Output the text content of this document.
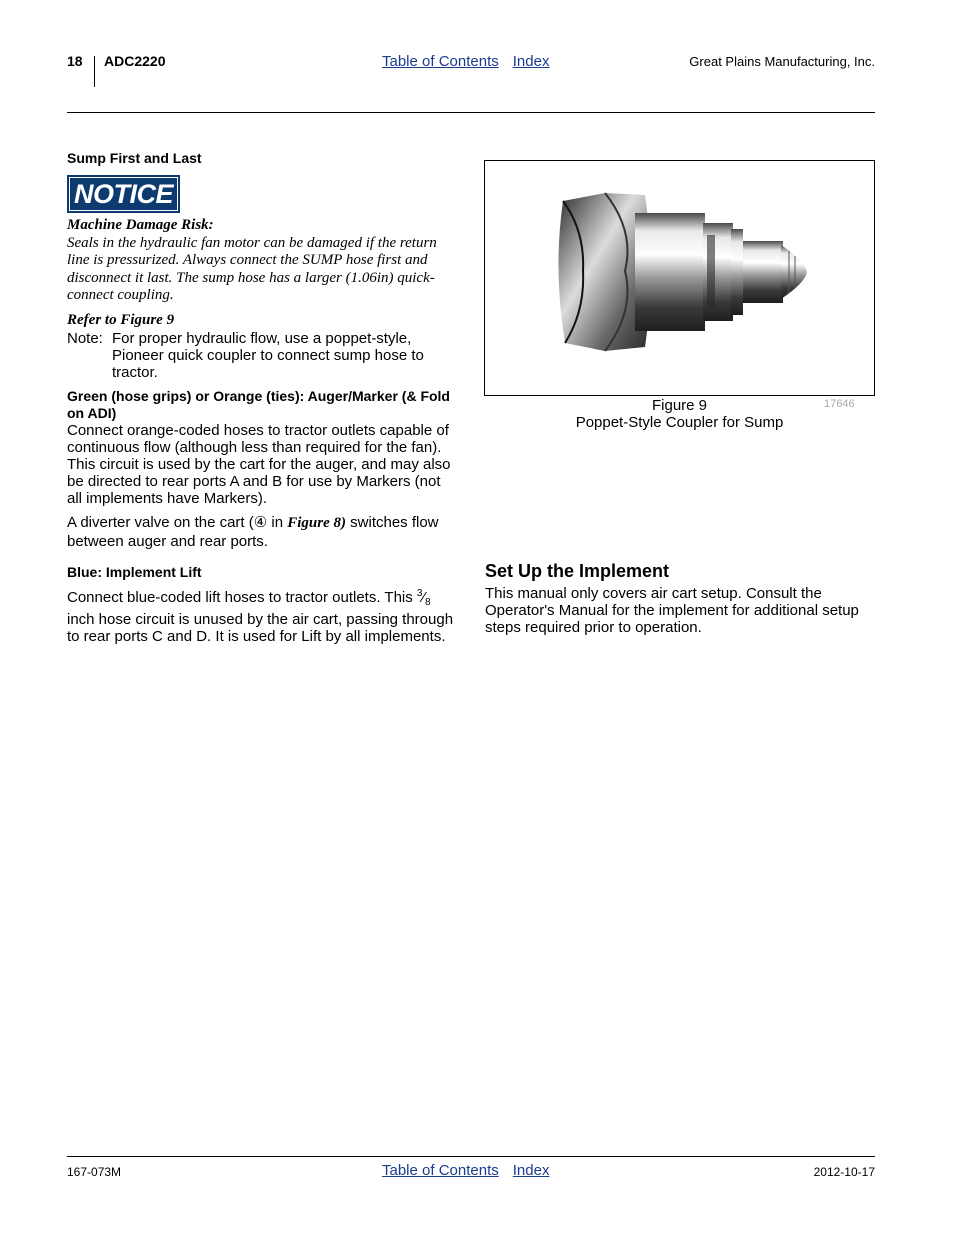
18 ADC2220	Table of Contents Index	Great Plains Manufacturing, Inc.
Sump First and Last
NOTICE
Machine Damage Risk:
Seals in the hydraulic fan motor can be damaged if the return line is pressurized. Always connect the SUMP hose first and disconnect it last. The sump hose has a larger (1.06in) quick-connect coupling.
Refer to Figure 9
Note: For proper hydraulic flow, use a poppet-style, Pioneer quick coupler to connect sump hose to tractor.
Green (hose grips) or Orange (ties): Auger/Marker (& Fold on ADI)

Connect orange-coded hoses to tractor outlets capable of continuous flow (although less than required for the fan). This circuit is used by the cart for the auger, and may also be directed to rear ports A and B for use by Markers (not all implements have Markers).

A diverter valve on the cart (④ in Figure 8) switches flow between auger and rear ports.

Blue: Implement Lift

Connect blue-coded lift hoses to tractor outlets. This $^3⁄_8$ inch hose circuit is unused by the air cart, passing through to rear ports C and D. It is used for Lift by all implements.

Figure 9
Poppet-Style Coupler for Sump
17646
Set Up the Implement

This manual only covers air cart setup. Consult the Operator's Manual for the implement for additional setup steps required prior to operation.

167-073M	Table of Contents Index	2012-10-17
